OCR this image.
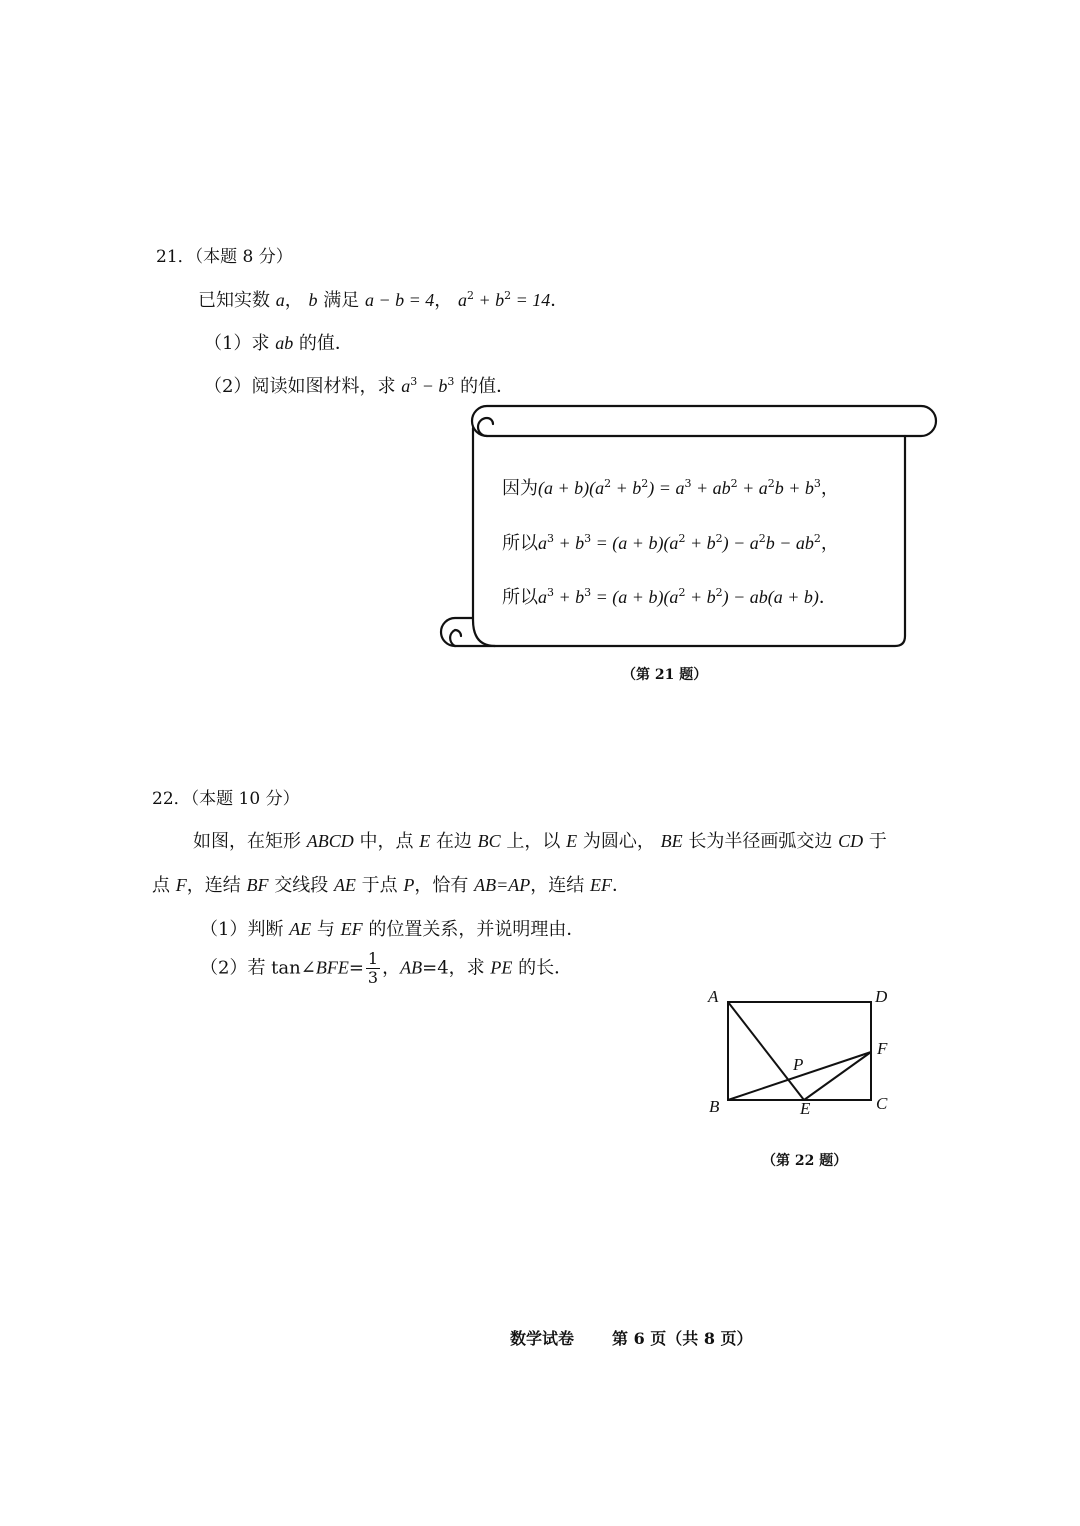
21．（本题 8 分）
已知实数 a， b 满足 a − b = 4， $a^2 + b^2 = 14$．
（1）求 ab 的值．
（2）阅读如图材料，求 $a^3 - b^3$ 的值．
因为$(a + b)(a^2 + b^2) = a^3 + ab^2 + a^2b + b^3$，
所以$a^3 + b^3 = (a + b)(a^2 + b^2) - a^2b - ab^2$，
所以$a^3 + b^3 = (a + b)(a^2 + b^2) - ab(a + b)$．
（第 21 题）
22．（本题 10 分）
如图，在矩形 ABCD 中，点 E 在边 BC 上，以 E 为圆心， BE 长为半径画弧交边 CD 于
点 F，连结 BF 交线段 AE 于点 P，恰有 AB=AP，连结 EF．
（1）判断 AE 与 EF 的位置关系，并说明理由．
（2）若 tan∠BFE= $\frac{1}{3}$ ，AB=4，求 PE 的长．
A	D
F
P
B	E	C
（第 22 题）
数学试卷 第 6 页（共 8 页）
